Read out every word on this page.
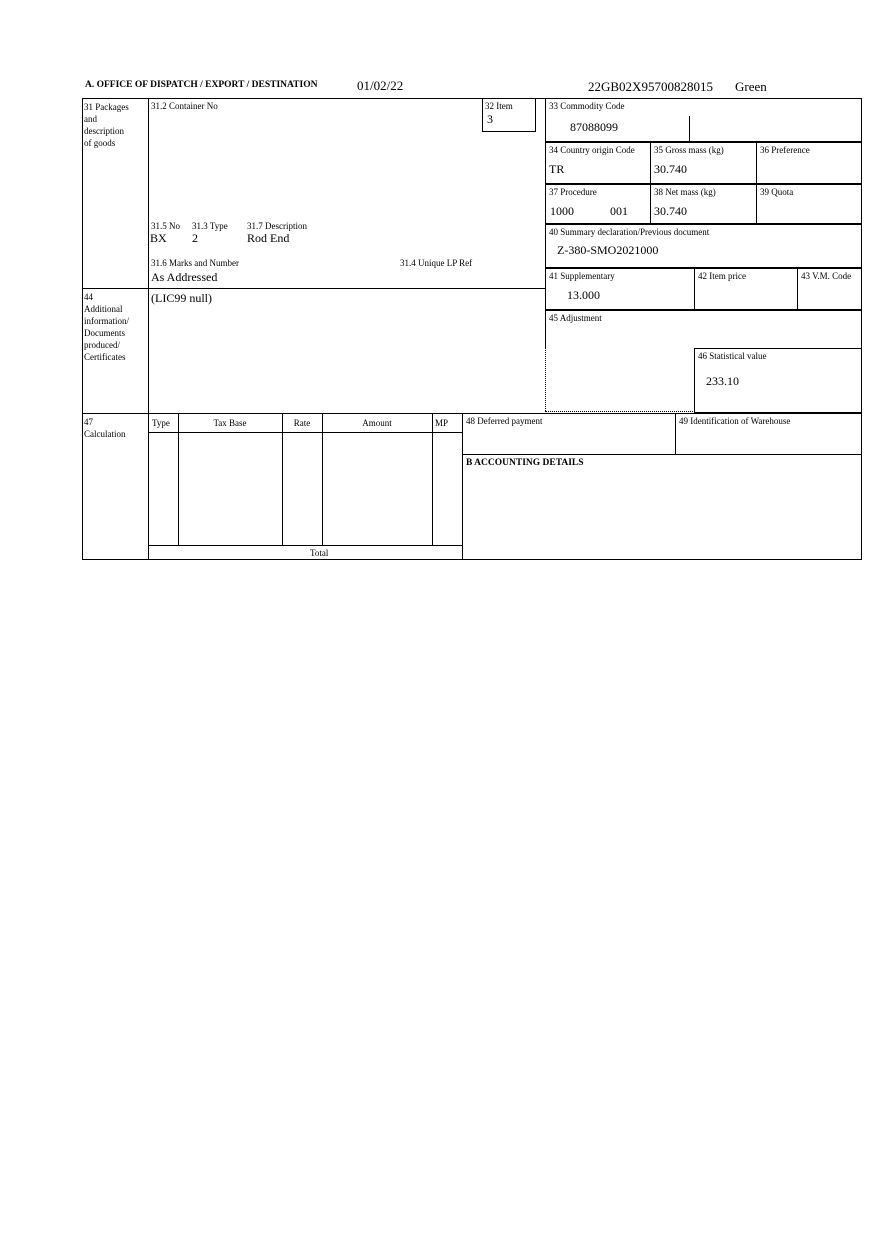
A. OFFICE OF DISPATCH / EXPORT / DESTINATION	01/02/22	22GB02X95700828015 Green
31 Packages
and
description
of goods
31.2 Container No
31.5 No 31.3 Type 31.7 Description
BX 2	Rod End
31.6 Marks and Number	31.4 Unique LP Ref
As Addressed
32 Item
3
33 Commodity Code
87088099
34 Country origin Code
TR
35 Gross mass (kg)
30.740
36 Preference
37 Procedure
1000	001
38 Net mass (kg)
30.740
39 Quota
40 Summary declaration/Previous document
Z-380-SMO2021000
41 Supplementary
13.000
42 Item price	43 V.M. Code
44
Additional
information/
Documents
produced/
Certificates
(LIC99 null)
45 Adjustment
46 Statistical value
233.10
47
Calculation
Type	Tax Base	Rate	Amount	MP
Total
48 Deferred payment	49 Identification of Warehouse
B ACCOUNTING DETAILS
